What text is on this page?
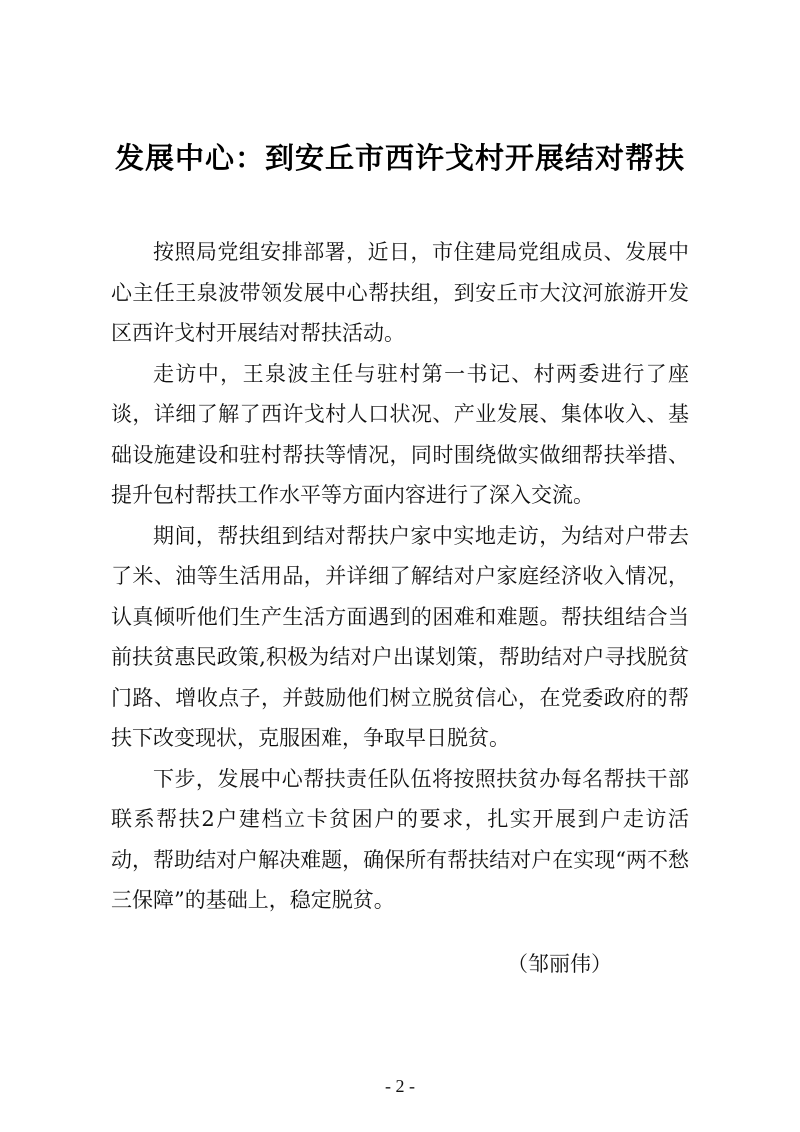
发展中心：到安丘市西许戈村开展结对帮扶

按照局党组安排部署，近日，市住建局党组成员、发展中心主任王泉波带领发展中心帮扶组，到安丘市大汶河旅游开发区西许戈村开展结对帮扶活动。

走访中，王泉波主任与驻村第一书记、村两委进行了座谈，详细了解了西许戈村人口状况、产业发展、集体收入、基础设施建设和驻村帮扶等情况，同时围绕做实做细帮扶举措、提升包村帮扶工作水平等方面内容进行了深入交流。

期间，帮扶组到结对帮扶户家中实地走访，为结对户带去了米、油等生活用品，并详细了解结对户家庭经济收入情况，认真倾听他们生产生活方面遇到的困难和难题。帮扶组结合当前扶贫惠民政策,积极为结对户出谋划策，帮助结对户寻找脱贫门路、增收点子，并鼓励他们树立脱贫信心，在党委政府的帮扶下改变现状，克服困难，争取早日脱贫。

下步，发展中心帮扶责任队伍将按照扶贫办每名帮扶干部联系帮扶2户建档立卡贫困户的要求，扎实开展到户走访活动，帮助结对户解决难题，确保所有帮扶结对户在实现“两不愁三保障”的基础上，稳定脱贫。

（邹丽伟）
- 2 -
